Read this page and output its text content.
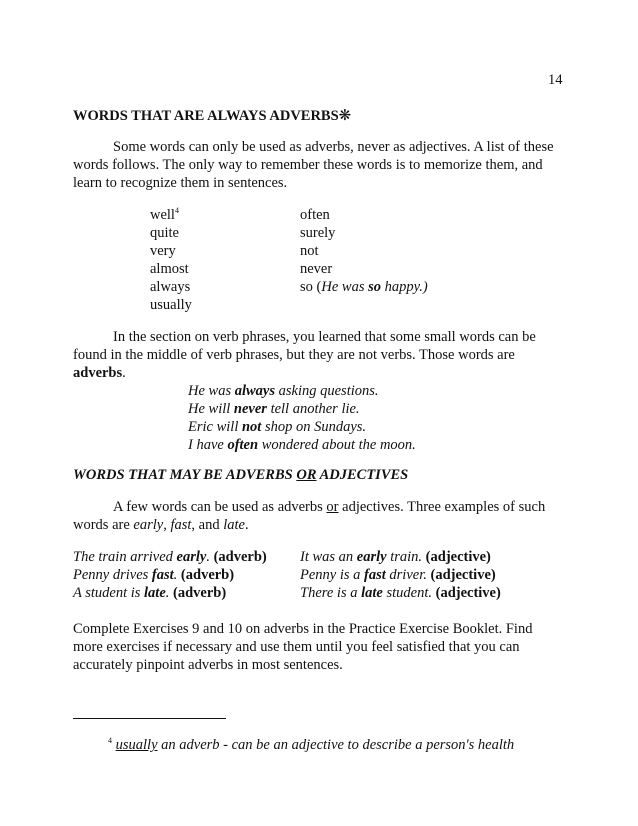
14
WORDS THAT ARE ALWAYS ADVERBS❋
Some words can only be used as adverbs, never as adjectives. A list of these
words follows. The only way to remember these words is to memorize them, and
learn to recognize them in sentences.
well$^4$
quite
very
almost
always
usually
often
surely
not
never
so (He was so happy.)
In the section on verb phrases, you learned that some small words can be
found in the middle of verb phrases, but they are not verbs. Those words are
adverbs.
He was always asking questions.
He will never tell another lie.
Eric will not shop on Sundays.
I have often wondered about the moon.
WORDS THAT MAY BE ADVERBS OR ADJECTIVES
A few words can be used as adverbs or adjectives. Three examples of such
words are early, fast, and late.
The train arrived early. (adverb) It was an early train. (adjective)
Penny drives fast. (adverb)	Penny is a fast driver. (adjective)
A student is late. (adverb)	There is a late student. (adjective)
Complete Exercises 9 and 10 on adverbs in the Practice Exercise Booklet. Find
more exercises if necessary and use them until you feel satisfied that you can
accurately pinpoint adverbs in most sentences.
$^4$ usually an adverb - can be an adjective to describe a person's health
